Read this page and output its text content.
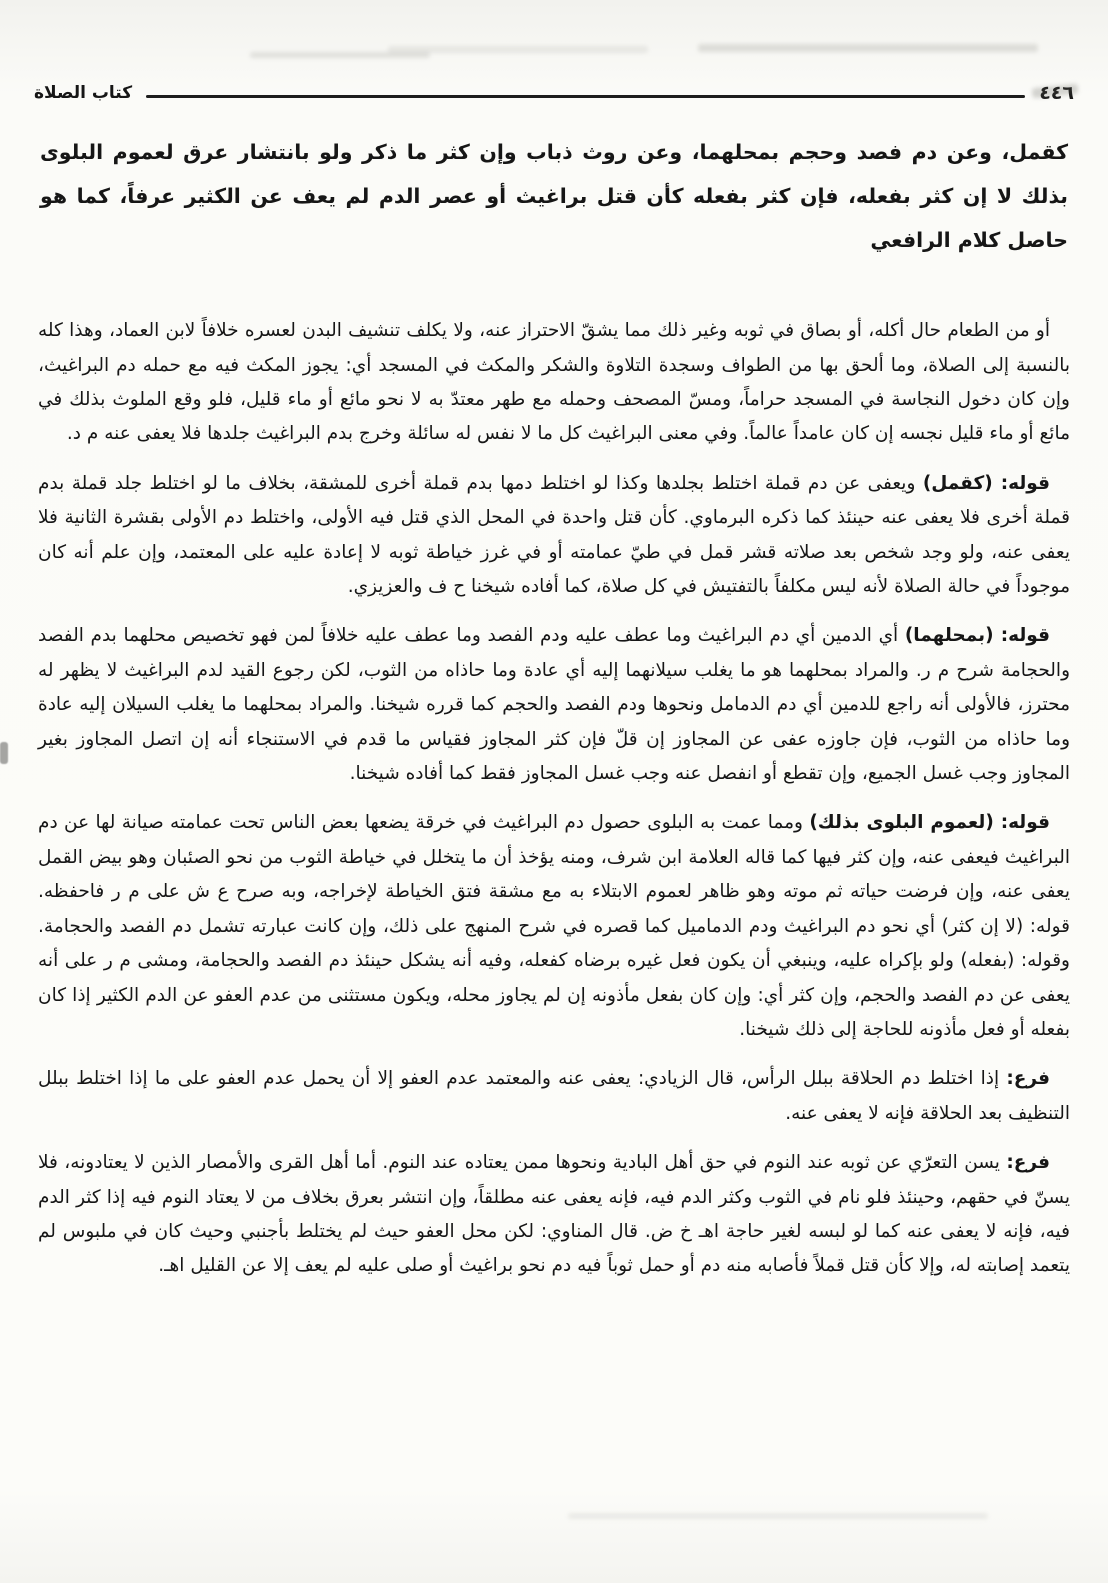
٤٤٦
كتاب الصلاة
كقمل، وعن دم فصد وحجم بمحلهما، وعن روث ذباب وإن كثر ما ذكر ولو بانتشار عرق لعموم البلوى بذلك لا إن كثر بفعله، فإن كثر بفعله كأن قتل براغيث أو عصر الدم لم يعف عن الكثير عرفاً، كما هو حاصل كلام الرافعي

أو من الطعام حال أكله، أو بصاق في ثوبه وغير ذلك مما يشقّ الاحتراز عنه، ولا يكلف تنشيف البدن لعسره خلافاً لابن العماد، وهذا كله بالنسبة إلى الصلاة، وما ألحق بها من الطواف وسجدة التلاوة والشكر والمكث في المسجد أي: يجوز المكث فيه مع حمله دم البراغيث، وإن كان دخول النجاسة في المسجد حراماً، ومسّ المصحف وحمله مع طهر معتدّ به لا نحو مائع أو ماء قليل، فلو وقع الملوث بذلك في مائع أو ماء قليل نجسه إن كان عامداً عالماً. وفي معنى البراغيث كل ما لا نفس له سائلة وخرج بدم البراغيث جلدها فلا يعفى عنه م د.

قوله: (كقمل) ويعفى عن دم قملة اختلط بجلدها وكذا لو اختلط دمها بدم قملة أخرى للمشقة، بخلاف ما لو اختلط جلد قملة بدم قملة أخرى فلا يعفى عنه حينئذ كما ذكره البرماوي. كأن قتل واحدة في المحل الذي قتل فيه الأولى، واختلط دم الأولى بقشرة الثانية فلا يعفى عنه، ولو وجد شخص بعد صلاته قشر قمل في طيّ عمامته أو في غرز خياطة ثوبه لا إعادة عليه على المعتمد، وإن علم أنه كان موجوداً في حالة الصلاة لأنه ليس مكلفاً بالتفتيش في كل صلاة، كما أفاده شيخنا ح ف والعزيزي.

قوله: (بمحلهما) أي الدمين أي دم البراغيث وما عطف عليه ودم الفصد وما عطف عليه خلافاً لمن فهو تخصيص محلهما بدم الفصد والحجامة شرح م ر. والمراد بمحلهما هو ما يغلب سيلانهما إليه أي عادة وما حاذاه من الثوب، لكن رجوع القيد لدم البراغيث لا يظهر له محترز، فالأولى أنه راجع للدمين أي دم الدمامل ونحوها ودم الفصد والحجم كما قرره شيخنا. والمراد بمحلهما ما يغلب السيلان إليه عادة وما حاذاه من الثوب، فإن جاوزه عفى عن المجاوز إن قلّ فإن كثر المجاوز فقياس ما قدم في الاستنجاء أنه إن اتصل المجاوز بغير المجاوز وجب غسل الجميع، وإن تقطع أو انفصل عنه وجب غسل المجاوز فقط كما أفاده شيخنا.

قوله: (لعموم البلوى بذلك) ومما عمت به البلوى حصول دم البراغيث في خرقة يضعها بعض الناس تحت عمامته صيانة لها عن دم البراغيث فيعفى عنه، وإن كثر فيها كما قاله العلامة ابن شرف، ومنه يؤخذ أن ما يتخلل في خياطة الثوب من نحو الصئبان وهو بيض القمل يعفى عنه، وإن فرضت حياته ثم موته وهو ظاهر لعموم الابتلاء به مع مشقة فتق الخياطة لإخراجه، وبه صرح ع ش على م ر فاحفظه. قوله: (لا إن كثر) أي نحو دم البراغيث ودم الدماميل كما قصره في شرح المنهج على ذلك، وإن كانت عبارته تشمل دم الفصد والحجامة. وقوله: (بفعله) ولو بإكراه عليه، وينبغي أن يكون فعل غيره برضاه كفعله، وفيه أنه يشكل حينئذ دم الفصد والحجامة، ومشى م ر على أنه يعفى عن دم الفصد والحجم، وإن كثر أي: وإن كان بفعل مأذونه إن لم يجاوز محله، ويكون مستثنى من عدم العفو عن الدم الكثير إذا كان بفعله أو فعل مأذونه للحاجة إلى ذلك شيخنا.

فرع: إذا اختلط دم الحلاقة ببلل الرأس، قال الزيادي: يعفى عنه والمعتمد عدم العفو إلا أن يحمل عدم العفو على ما إذا اختلط ببلل التنظيف بعد الحلاقة فإنه لا يعفى عنه.

فرع: يسن التعرّي عن ثوبه عند النوم في حق أهل البادية ونحوها ممن يعتاده عند النوم. أما أهل القرى والأمصار الذين لا يعتادونه، فلا يسنّ في حقهم، وحينئذ فلو نام في الثوب وكثر الدم فيه، فإنه يعفى عنه مطلقاً، وإن انتشر بعرق بخلاف من لا يعتاد النوم فيه إذا كثر الدم فيه، فإنه لا يعفى عنه كما لو لبسه لغير حاجة اهـ خ ض. قال المناوي: لكن محل العفو حيث لم يختلط بأجنبي وحيث كان في ملبوس لم يتعمد إصابته له، وإلا كأن قتل قملاً فأصابه منه دم أو حمل ثوباً فيه دم نحو براغيث أو صلى عليه لم يعف إلا عن القليل اهـ.
